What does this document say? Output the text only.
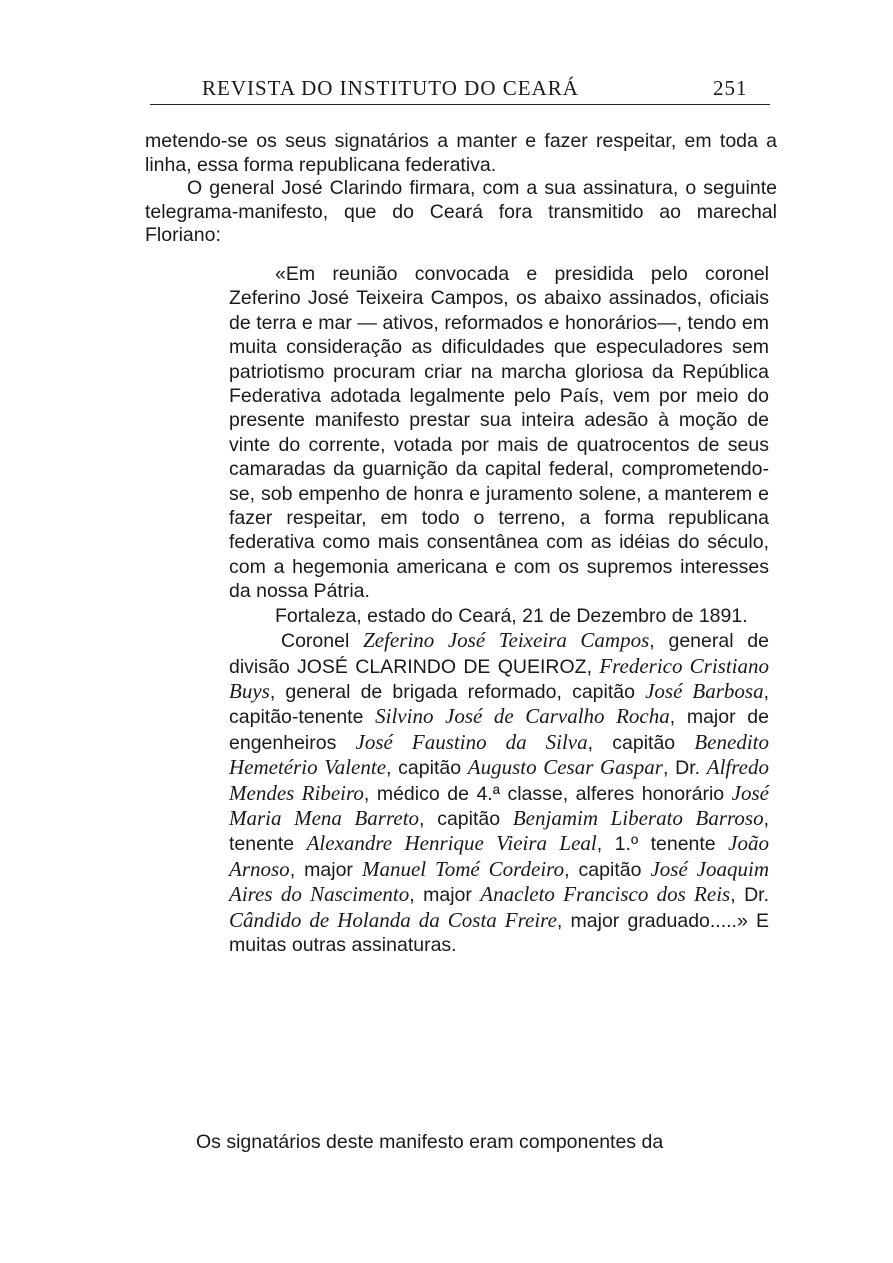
REVISTA DO INSTITUTO DO CEARÁ	251

metendo-se os seus signatários a manter e fazer respeitar, em toda a linha, essa forma republicana federativa.

O general José Clarindo firmara, com a sua assinatura, o seguinte telegrama-manifesto, que do Ceará fora transmitido ao marechal Floriano:

«Em reunião convocada e presidida pelo coronel Zeferino José Teixeira Campos, os abaixo assinados, oficiais de terra e mar — ativos, reformados e honorários—, tendo em muita consideração as dificuldades que especuladores sem patriotismo procuram criar na marcha gloriosa da República Federativa adotada legalmente pelo País, vem por meio do presente manifesto prestar sua inteira adesão à moção de vinte do corrente, votada por mais de quatrocentos de seus camaradas da guarnição da capital federal, comprometendo-se, sob empenho de honra e juramento solene, a manterem e fazer respeitar, em todo o terreno, a forma republicana federativa como mais consentânea com as idéias do século, com a hegemonia americana e com os supremos interesses da nossa Pátria.

Fortaleza, estado do Ceará, 21 de Dezembro de 1891.

Coronel Zeferino José Teixeira Campos, general de divisão JOSÉ CLARINDO DE QUEIROZ, Frederico Cristiano Buys, general de brigada reformado, capitão José Barbosa, capitão-tenente Silvino José de Carvalho Rocha, major de engenheiros José Faustino da Silva, capitão Benedito Hemetério Valente, capitão Augusto Cesar Gaspar, Dr. Alfredo Mendes Ribeiro, médico de 4.ª classe, alferes honorário José Maria Mena Barreto, capitão Benjamim Liberato Barroso, tenente Alexandre Henrique Vieira Leal, 1.º tenente João Arnoso, major Manuel Tomé Cordeiro, capitão José Joaquim Aires do Nascimento, major Anacleto Francisco dos Reis, Dr. Cândido de Holanda da Costa Freire, major graduado.....» E muitas outras assinaturas.

Os signatários deste manifesto eram componentes da
